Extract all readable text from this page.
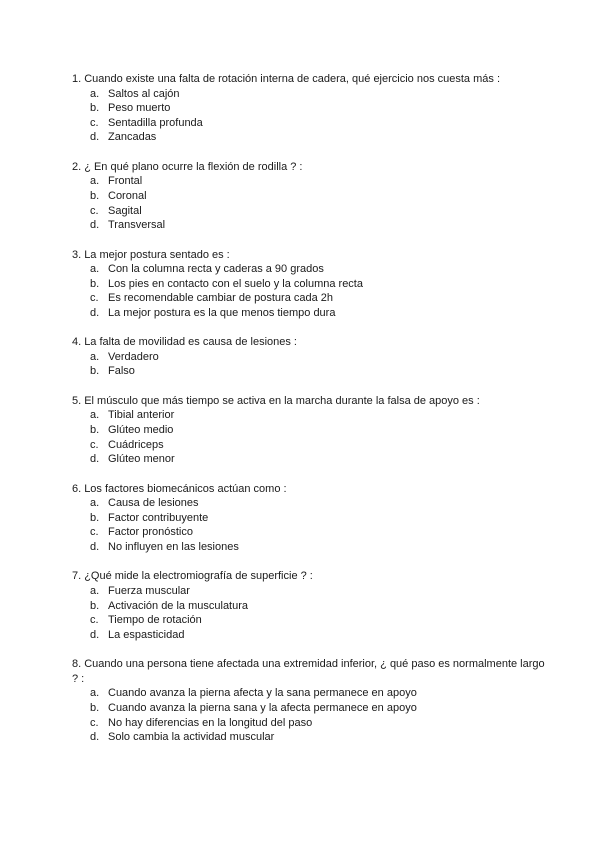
1. Cuando existe una falta de rotación interna de cadera, qué ejercicio nos cuesta más :

a. Saltos al cajón
b. Peso muerto
c. Sentadilla profunda
d. Zancadas

2. ¿ En qué plano ocurre la flexión de rodilla ? :

a. Frontal
b. Coronal
c. Sagital
d. Transversal

3. La mejor postura sentado es :

a. Con la columna recta y caderas a 90 grados
b. Los pies en contacto con el suelo y la columna recta
c. Es recomendable cambiar de postura cada 2h
d. La mejor postura es la que menos tiempo dura

4. La falta de movilidad es causa de lesiones :

a. Verdadero
b. Falso

5. El músculo que más tiempo se activa en la marcha durante la falsa de apoyo es :

a. Tibial anterior
b. Glúteo medio
c. Cuádriceps
d. Glúteo menor

6. Los factores biomecánicos actúan como :

a. Causa de lesiones
b. Factor contribuyente
c. Factor pronóstico
d. No influyen en las lesiones

7. ¿Qué mide la electromiografía de superficie ? :

a. Fuerza muscular
b. Activación de la musculatura
c. Tiempo de rotación
d. La espasticidad

8. Cuando una persona tiene afectada una extremidad inferior, ¿ qué paso es normalmente largo ? :

a. Cuando avanza la pierna afecta y la sana permanece en apoyo
b. Cuando avanza la pierna sana y la afecta permanece en apoyo
c. No hay diferencias en la longitud del paso
d. Solo cambia la actividad muscular
